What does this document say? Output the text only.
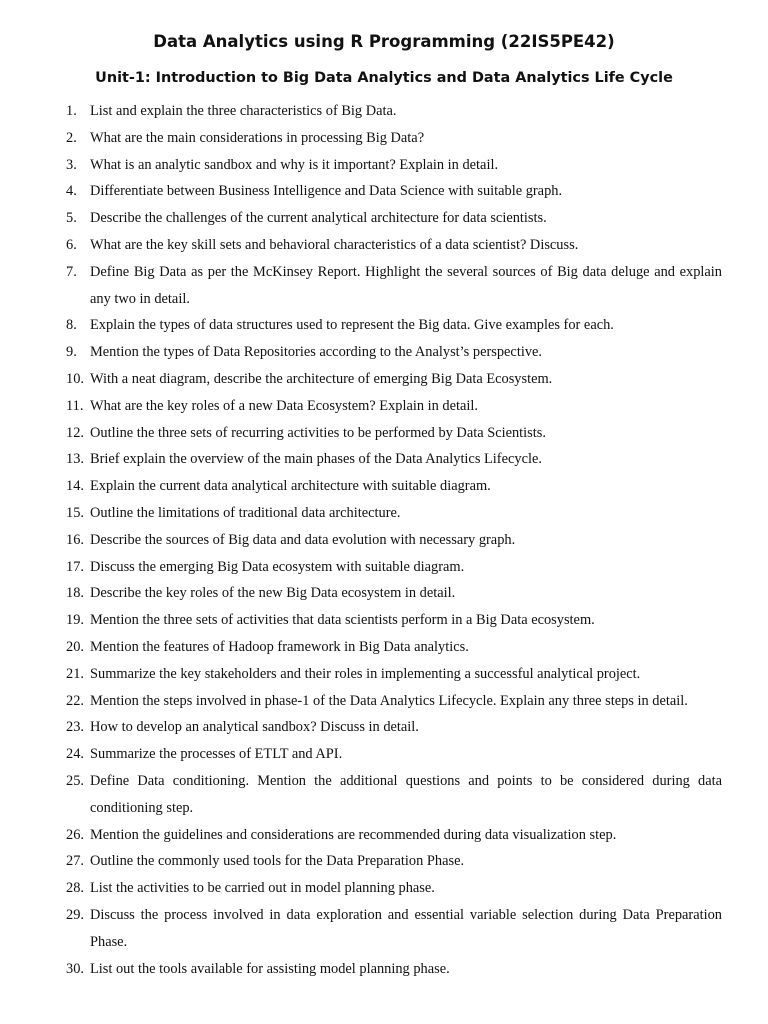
Data Analytics using R Programming (22IS5PE42)
Unit-1: Introduction to Big Data Analytics and Data Analytics Life Cycle
1. List and explain the three characteristics of Big Data.
2. What are the main considerations in processing Big Data?
3. What is an analytic sandbox and why is it important? Explain in detail.
4. Differentiate between Business Intelligence and Data Science with suitable graph.
5. Describe the challenges of the current analytical architecture for data scientists.
6. What are the key skill sets and behavioral characteristics of a data scientist? Discuss.
7. Define Big Data as per the McKinsey Report. Highlight the several sources of Big data deluge and explain any two in detail.
8. Explain the types of data structures used to represent the Big data. Give examples for each.
9. Mention the types of Data Repositories according to the Analyst’s perspective.
10. With a neat diagram, describe the architecture of emerging Big Data Ecosystem.
11. What are the key roles of a new Data Ecosystem? Explain in detail.
12. Outline the three sets of recurring activities to be performed by Data Scientists.
13. Brief explain the overview of the main phases of the Data Analytics Lifecycle.
14. Explain the current data analytical architecture with suitable diagram.
15. Outline the limitations of traditional data architecture.
16. Describe the sources of Big data and data evolution with necessary graph.
17. Discuss the emerging Big Data ecosystem with suitable diagram.
18. Describe the key roles of the new Big Data ecosystem in detail.
19. Mention the three sets of activities that data scientists perform in a Big Data ecosystem.
20. Mention the features of Hadoop framework in Big Data analytics.
21. Summarize the key stakeholders and their roles in implementing a successful analytical project.
22. Mention the steps involved in phase-1 of the Data Analytics Lifecycle. Explain any three steps in detail.
23. How to develop an analytical sandbox? Discuss in detail.
24. Summarize the processes of ETLT and API.
25. Define Data conditioning. Mention the additional questions and points to be considered during data conditioning step.
26. Mention the guidelines and considerations are recommended during data visualization step.
27. Outline the commonly used tools for the Data Preparation Phase.
28. List the activities to be carried out in model planning phase.
29. Discuss the process involved in data exploration and essential variable selection during Data Preparation Phase.
30. List out the tools available for assisting model planning phase.
